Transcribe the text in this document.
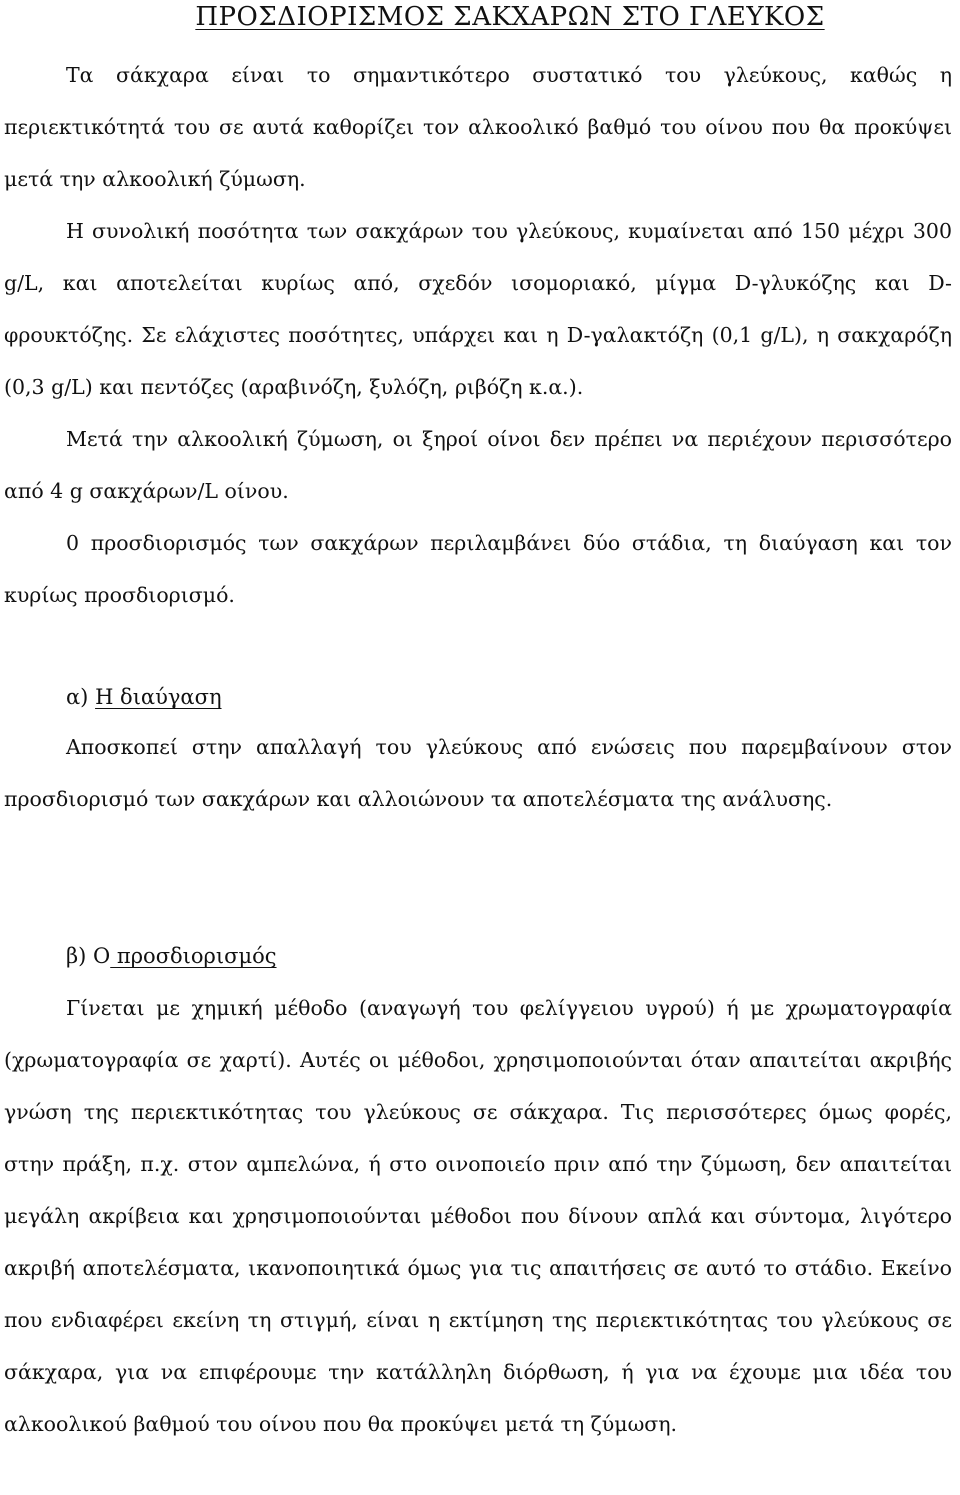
ΠΡΟΣΔΙΟΡΙΣΜΟΣ ΣΑΚΧΑΡΩΝ ΣΤΟ ΓΛΕΥΚΟΣ

Τα σάκχαρα είναι το σημαντικότερο συστατικό του γλεύκους, καθώς η περιεκτικότητά του σε αυτά καθορίζει τον αλκοολικό βαθμό του οίνου που θα προκύψει μετά την αλκοολική ζύμωση.

Η συνολική ποσότητα των σακχάρων του γλεύκους, κυμαίνεται από 150 μέχρι 300 g/L, και αποτελείται κυρίως από, σχεδόν ισομοριακό, μίγμα D-γλυκόζης και D-φρουκτόζης. Σε ελάχιστες ποσότητες, υπάρχει και η D-γαλακτόζη (0,1 g/L), η σακχαρόζη (0,3 g/L) και πεντόζες (αραβινόζη, ξυλόζη, ριβόζη κ.α.).

Μετά την αλκοολική ζύμωση, οι ξηροί οίνοι δεν πρέπει να περιέχουν περισσότερο από 4 g σακχάρων/L οίνου.

0 προσδιορισμός των σακχάρων περιλαμβάνει δύο στάδια, τη διαύγαση και τον κυρίως προσδιορισμό.

α) Η διαύγαση

Αποσκοπεί στην απαλλαγή του γλεύκους από ενώσεις που παρεμβαίνουν στον προσδιορισμό των σακχάρων και αλλοιώνουν τα αποτελέσματα της ανάλυσης.

β) Ο προσδιορισμός

Γίνεται με χημική μέθοδο (αναγωγή του φελίγγειου υγρού) ή με χρωματογραφία (χρωματογραφία σε χαρτί). Αυτές οι μέθοδοι, χρησιμοποιούνται όταν απαιτείται ακριβής γνώση της περιεκτικότητας του γλεύκους σε σάκχαρα. Τις περισσότερες όμως φορές, στην πράξη, π.χ. στον αμπελώνα, ή στο οινοποιείο πριν από την ζύμωση, δεν απαιτείται μεγάλη ακρίβεια και χρησιμοποιούνται μέθοδοι που δίνουν απλά και σύντομα, λιγότερο ακριβή αποτελέσματα, ικανοποιητικά όμως για τις απαιτήσεις σε αυτό το στάδιο. Εκείνο που ενδιαφέρει εκείνη τη στιγμή, είναι η εκτίμηση της περιεκτικότητας του γλεύκους σε σάκχαρα, για να επιφέρουμε την κατάλληλη διόρθωση, ή για να έχουμε μια ιδέα του αλκοολικού βαθμού του οίνου που θα προκύψει μετά τη ζύμωση.
